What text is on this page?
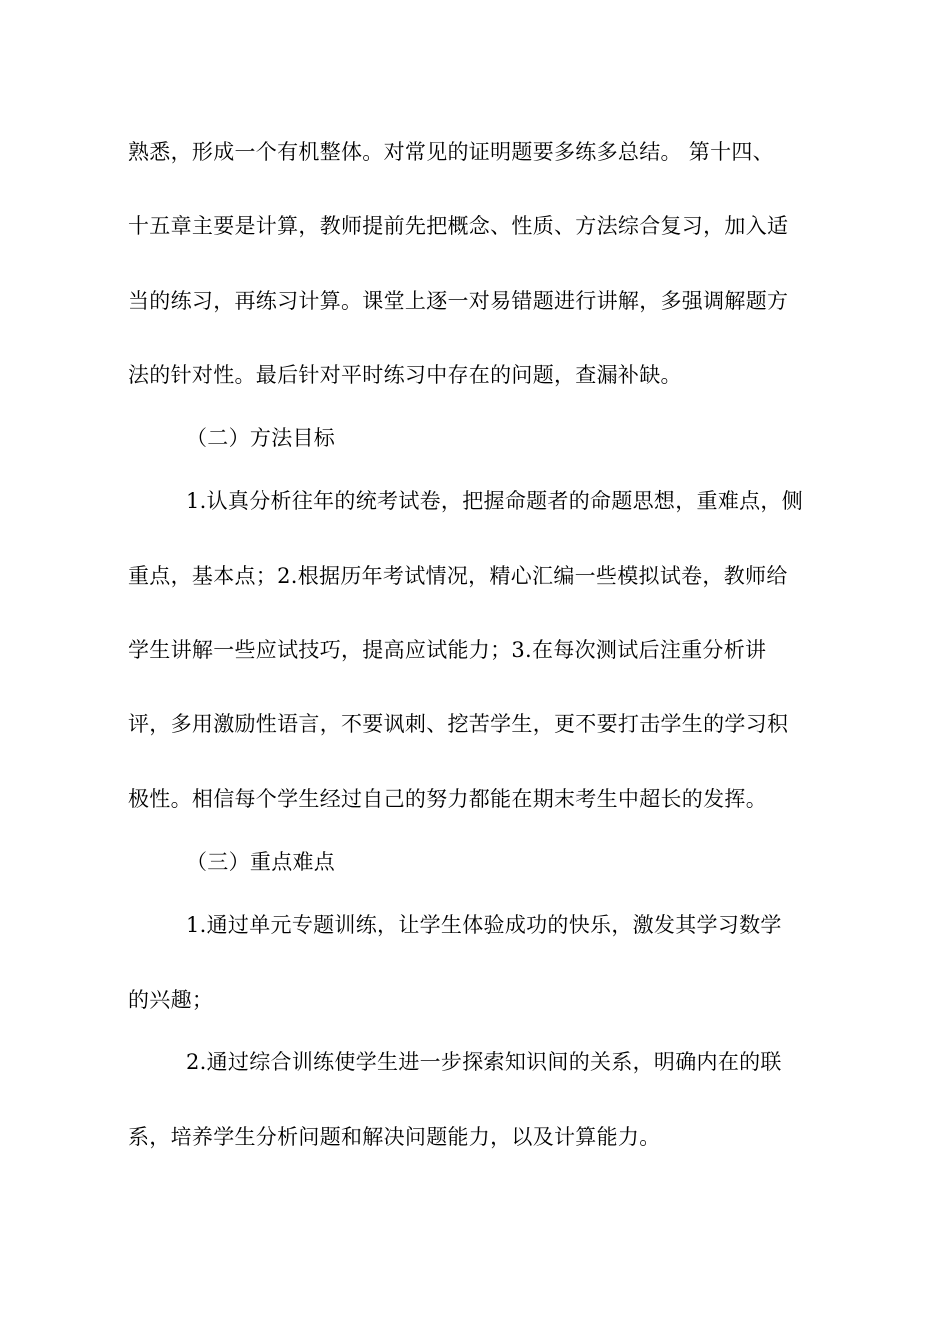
熟悉，形成一个有机整体。对常见的证明题要多练多总结。 第十四、
十五章主要是计算，教师提前先把概念、性质、方法综合复习，加入适
当的练习，再练习计算。课堂上逐一对易错题进行讲解，多强调解题方
法的针对性。最后针对平时练习中存在的问题，查漏补缺。
（二）方法目标
1.认真分析往年的统考试卷，把握命题者的命题思想，重难点，侧
重点，基本点；2.根据历年考试情况，精心汇编一些模拟试卷，教师给
学生讲解一些应试技巧，提高应试能力；3.在每次测试后注重分析讲
评，多用激励性语言，不要讽刺、挖苦学生，更不要打击学生的学习积
极性。相信每个学生经过自己的努力都能在期末考生中超长的发挥。
（三）重点难点
1.通过单元专题训练，让学生体验成功的快乐，激发其学习数学
的兴趣；
2.通过综合训练使学生进一步探索知识间的关系，明确内在的联
系，培养学生分析问题和解决问题能力，以及计算能力。
